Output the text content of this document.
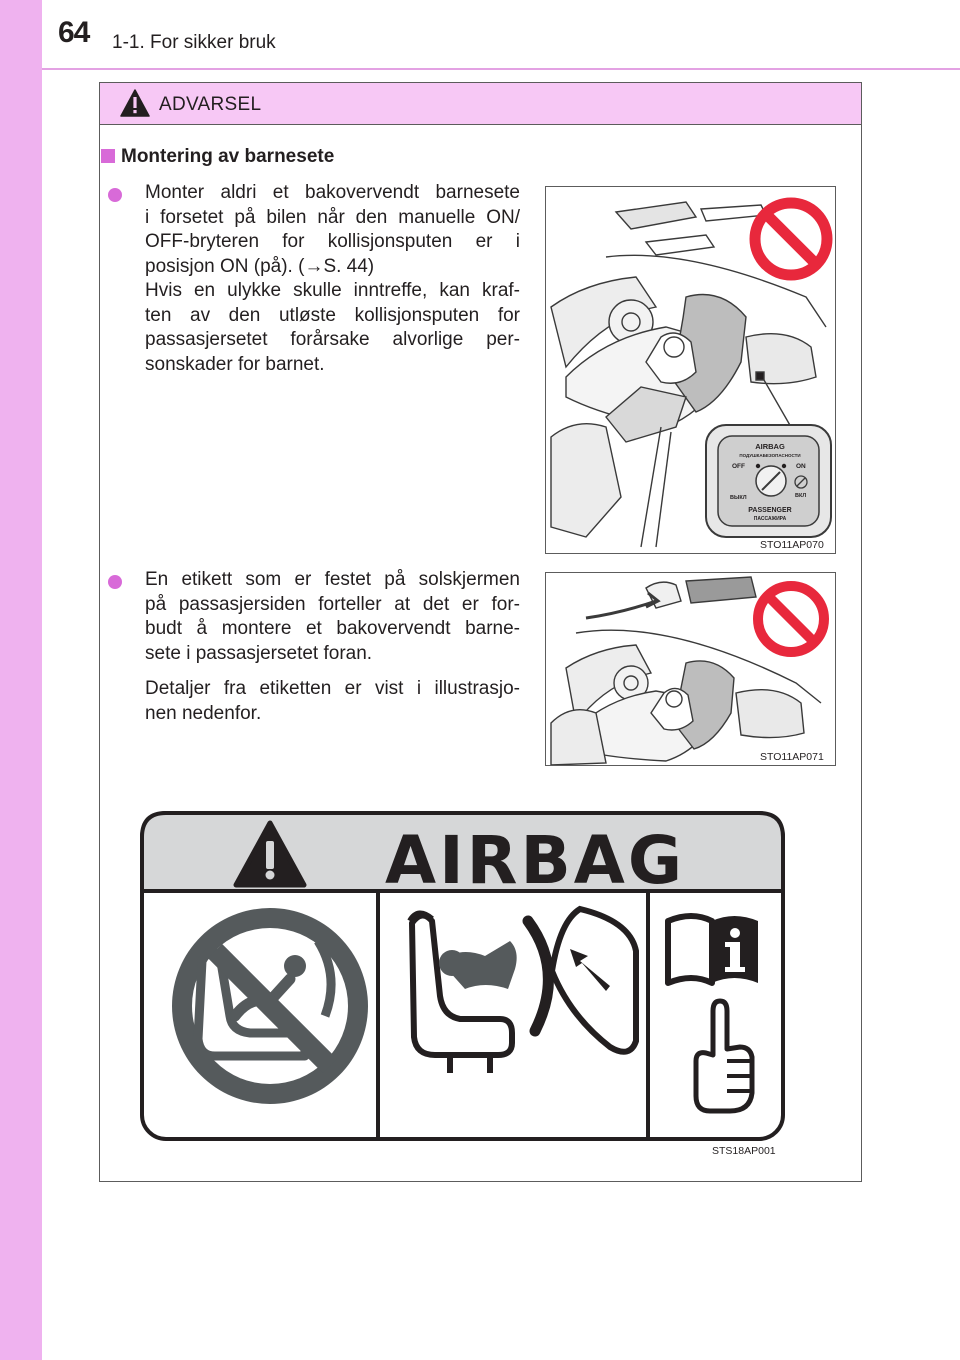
64 1-1. For sikker bruk
ADVARSEL
Montering av barnesete
Monter aldri et bakovervendt barnesete
i forsetet på bilen når den manuelle ON/
OFF-bryteren for kollisjonsputen er i
posisjon ON (på). (→S. 44)
Hvis en ulykke skulle inntreffe, kan kraf-
ten av den utløste kollisjonsputen for
passasjersetet forårsake alvorlige per-
sonskader for barnet.
AIRBAG
ПОДУШКАБЕЗОПАСНОСТИ
OFF	ON
ВЫКЛ	ВКЛ
PASSENGER
ПАССАЖИРА
STO11AP070
En etikett som er festet på solskjermen
på passasjersiden forteller at det er for-
budt å montere et bakovervendt barne-
sete i passasjersetet foran.
Detaljer fra etiketten er vist i illustrasjo-
nen nedenfor.
STO11AP071
AIRBAG
STS18AP001
